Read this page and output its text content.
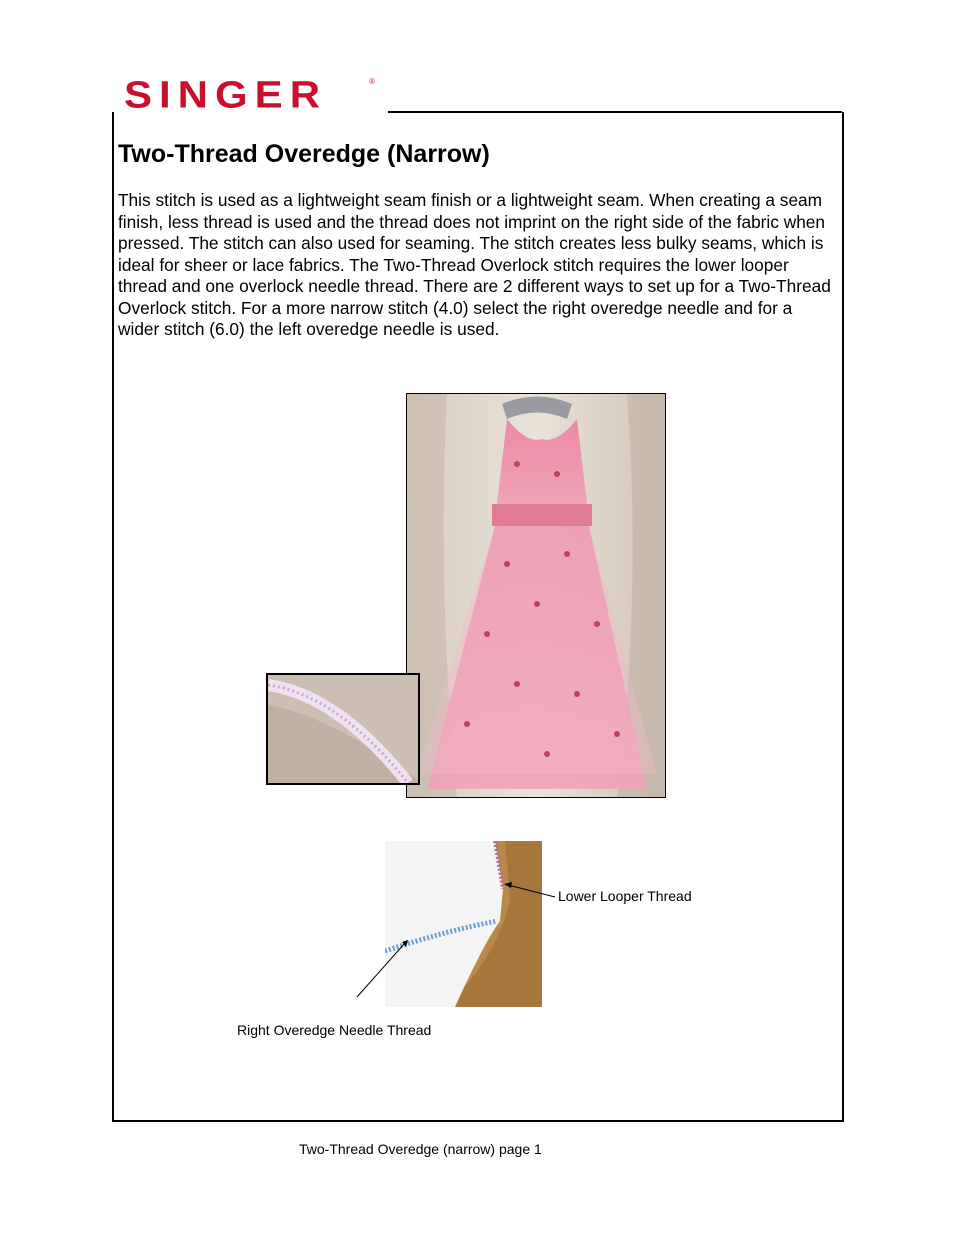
SINGER	®
Two-Thread Overedge (Narrow)

This stitch is used as a lightweight seam finish or a lightweight seam. When creating a seam finish, less thread is used and the thread does not imprint on the right side of the fabric when pressed. The stitch can also used for seaming. The stitch creates less bulky seams, which is ideal for sheer or lace fabrics. The Two-Thread Overlock stitch requires the lower looper thread and one overlock needle thread. There are 2 different ways to set up for a Two-Thread Overlock stitch. For a more narrow stitch (4.0) select the right overedge needle and for a wider stitch (6.0) the left overedge needle is used.

Lower Looper Thread
Right Overedge Needle Thread
Two-Thread Overedge (narrow) page 1
